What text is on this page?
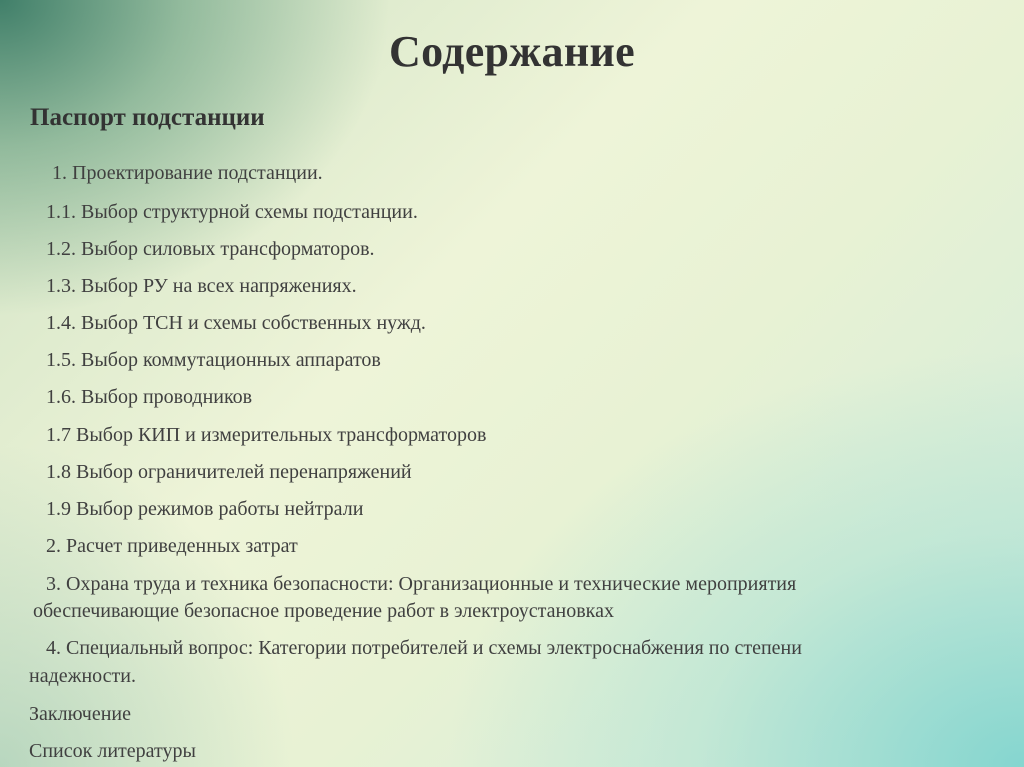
Содержание
Паспорт подстанции
1. Проектирование подстанции.
1.1. Выбор структурной схемы подстанции.
1.2. Выбор силовых трансформаторов.
1.3. Выбор РУ на всех напряжениях.
1.4. Выбор ТСН и схемы собственных нужд.
1.5. Выбор коммутационных аппаратов
1.6. Выбор проводников
1.7 Выбор КИП и измерительных трансформаторов
1.8 Выбор ограничителей перенапряжений
1.9 Выбор режимов работы нейтрали
2. Расчет приведенных затрат
3. Охрана труда и техника безопасности: Организационные и технические мероприятия
обеспечивающие безопасное проведение работ в электроустановках
4. Специальный вопрос: Категории потребителей и схемы электроснабжения по степени
надежности.
Заключение
Список литературы
